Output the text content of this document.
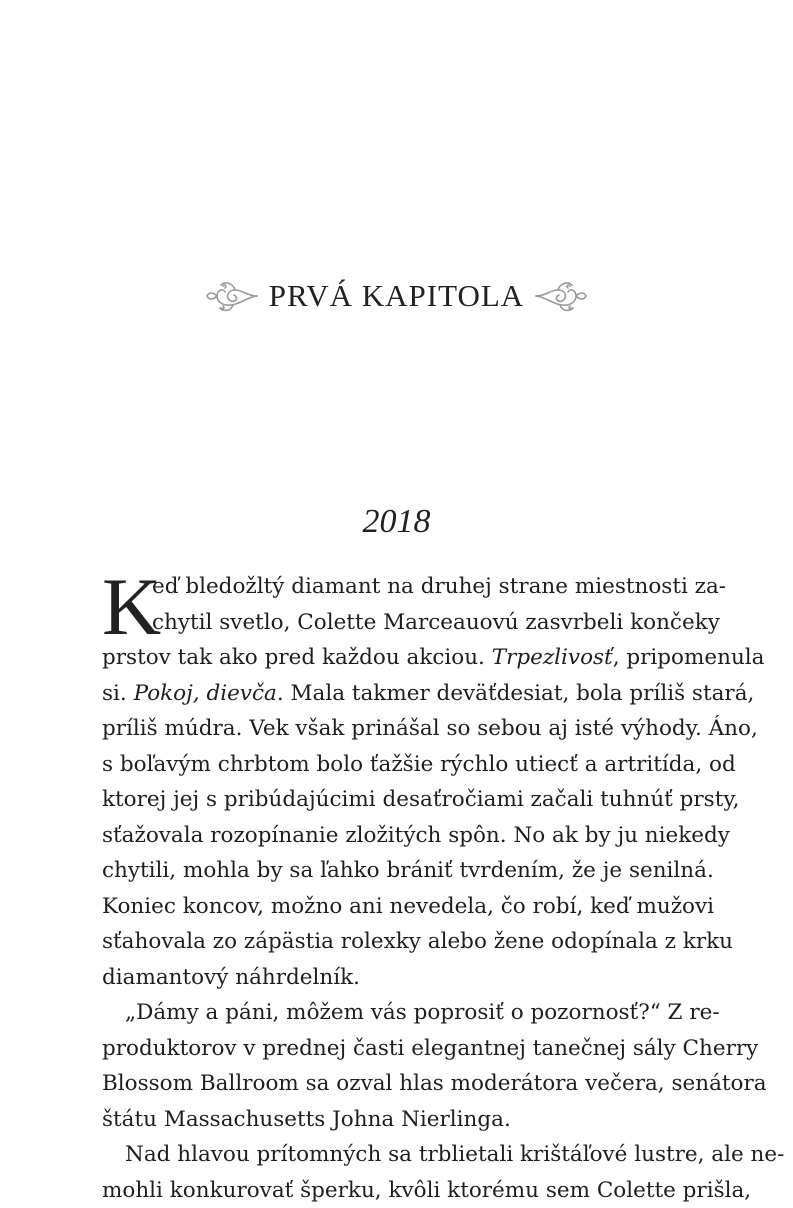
PRVÁ KAPITOLA
2018
K
eď bledožltý diamant na druhej strane miestnosti za-
chytil svetlo, Colette Marceauovú zasvrbeli končeky
prstov tak ako pred každou akciou. Trpezlivosť, pripomenula
si. Pokoj, dievča. Mala takmer deväťdesiat, bola príliš stará,
príliš múdra. Vek však prinášal so sebou aj isté výhody. Áno,
s boľavým chrbtom bolo ťažšie rýchlo utiecť a artritída, od
ktorej jej s pribúdajúcimi desaťročiami začali tuhnúť prsty,
sťažovala rozopínanie zložitých spôn. No ak by ju niekedy
chytili, mohla by sa ľahko brániť tvrdením, že je senilná.
Koniec koncov, možno ani nevedela, čo robí, keď mužovi
sťahovala zo zápästia rolexky alebo žene odopínala z krku
diamantový náhrdelník.
„Dámy a páni, môžem vás poprosiť o pozornosť?“ Z re-
produktorov v prednej časti elegantnej tanečnej sály Cherry
Blossom Ballroom sa ozval hlas moderátora večera, senátora
štátu Massachusetts Johna Nierlinga.
Nad hlavou prítomných sa trblietali krištáľové lustre, ale ne-
mohli konkurovať šperku, kvôli ktorému sem Colette prišla,
